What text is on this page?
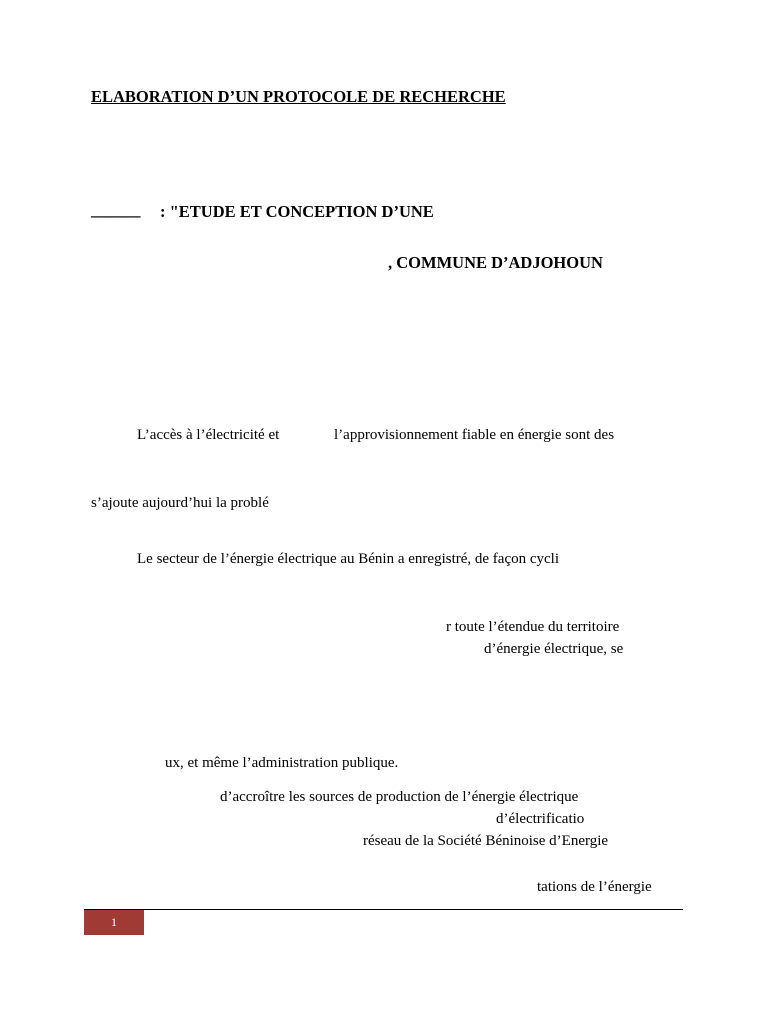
ELABORATION D’UN PROTOCOLE DE RECHERCHE
______ : "ETUDE ET CONCEPTION D’UNE
, COMMUNE D’ADJOHOUN
L’accès à l’électricité et	l’approvisionnement fiable en énergie sont des
s’ajoute aujourd’hui la problé
Le secteur de l’énergie électrique au Bénin a enregistré, de façon cycli
r toute l’étendue du territoire
d’énergie électrique, se
ux, et même l’administration publique.
d’accroître les sources de production de l’énergie électrique
d’électrificatio
réseau de la Société Béninoise d’Energie
tations de l’énergie
1
